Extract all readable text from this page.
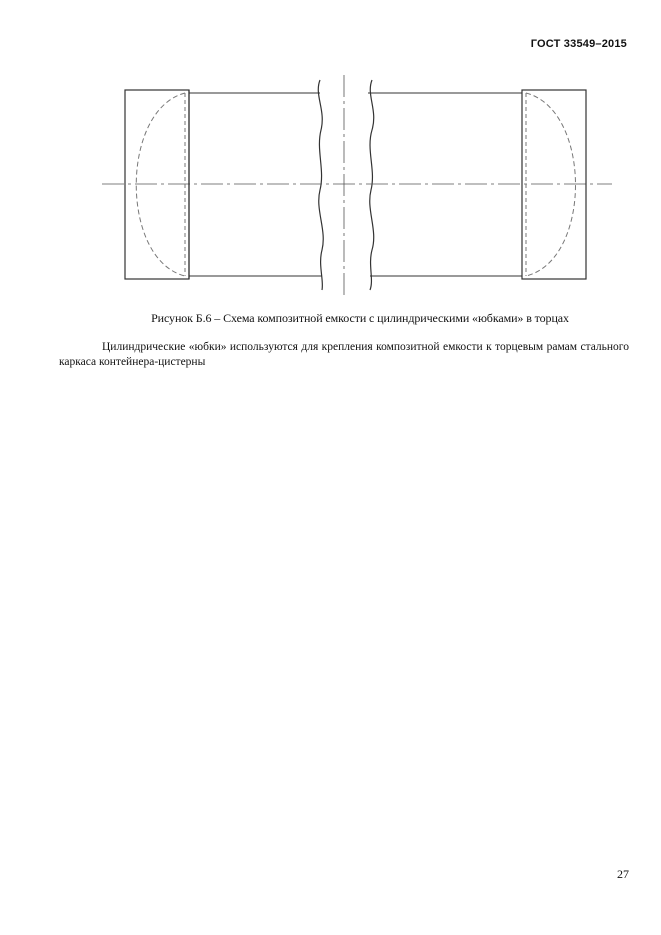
ГОСТ 33549–2015
Рисунок Б.6 – Схема композитной емкости с цилиндрическими «юбками» в торцах

Цилиндрические «юбки» используются для крепления композитной емкости к торцевым рамам стального каркаса контейнера-цистерны

27
